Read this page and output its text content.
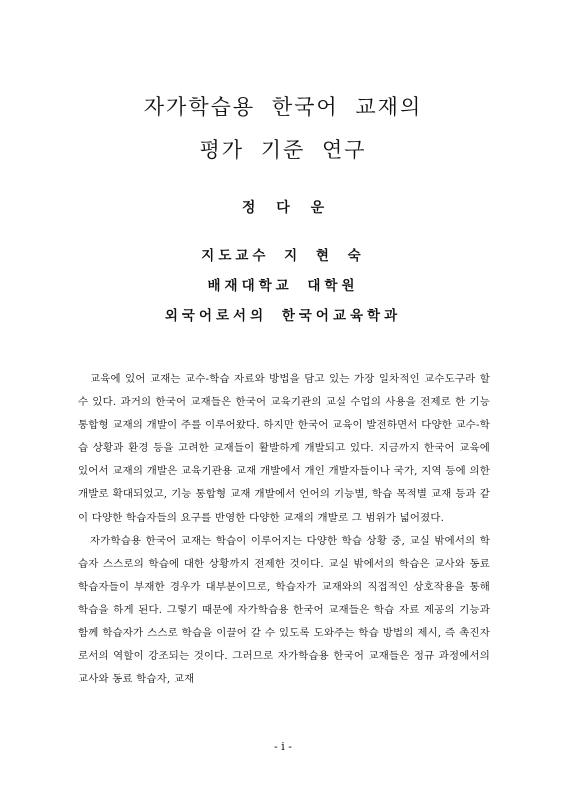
자가학습용 한국어 교재의
평가 기준 연구
정 다 운
지도교수 지 현 숙
배재대학교 대학원
외국어로서의 한국어교육학과

교육에 있어 교재는 교수-학습 자료와 방법을 담고 있는 가장 일차적인 교수도구라 할 수 있다. 과거의 한국어 교재들은 한국어 교육기관의 교실 수업의 사용을 전제로 한 기능 통합형 교재의 개발이 주를 이루어왔다. 하지만 한국어 교육이 발전하면서 다양한 교수-학습 상황과 환경 등을 고려한 교재들이 활발하게 개발되고 있다. 지금까지 한국어 교육에 있어서 교재의 개발은 교육기관용 교재 개발에서 개인 개발자들이나 국가, 지역 등에 의한 개발로 확대되었고, 기능 통합형 교재 개발에서 언어의 기능별, 학습 목적별 교재 등과 같이 다양한 학습자들의 요구를 반영한 다양한 교재의 개발로 그 범위가 넓어졌다.

자가학습용 한국어 교재는 학습이 이루어지는 다양한 학습 상황 중, 교실 밖에서의 학습자 스스로의 학습에 대한 상황까지 전제한 것이다. 교실 밖에서의 학습은 교사와 동료 학습자들이 부재한 경우가 대부분이므로, 학습자가 교재와의 직접적인 상호작용을 통해 학습을 하게 된다. 그렇기 때문에 자가학습용 한국어 교재들은 학습 자료 제공의 기능과 함께 학습자가 스스로 학습을 이끌어 갈 수 있도록 도와주는 학습 방법의 제시, 즉 촉진자로서의 역할이 강조되는 것이다. 그러므로 자가학습용 한국어 교재들은 정규 과정에서의 교사와 동료 학습자, 교재

- i -
